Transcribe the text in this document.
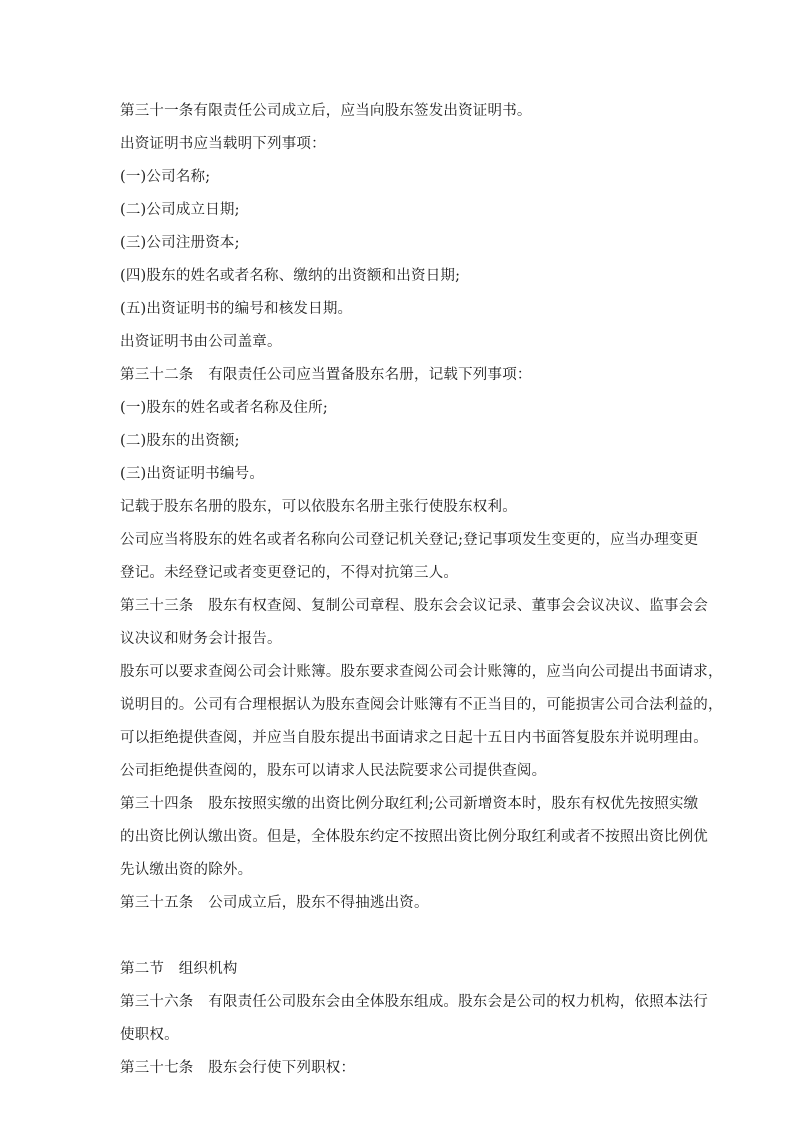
第三十一条有限责任公司成立后，应当向股东签发出资证明书。
出资证明书应当载明下列事项：
(一)公司名称;
(二)公司成立日期;
(三)公司注册资本;
(四)股东的姓名或者名称、缴纳的出资额和出资日期;
(五)出资证明书的编号和核发日期。
出资证明书由公司盖章。
第三十二条　有限责任公司应当置备股东名册，记载下列事项：
(一)股东的姓名或者名称及住所;
(二)股东的出资额;
(三)出资证明书编号。
记载于股东名册的股东，可以依股东名册主张行使股东权利。
公司应当将股东的姓名或者名称向公司登记机关登记;登记事项发生变更的，应当办理变更
登记。未经登记或者变更登记的，不得对抗第三人。
第三十三条　股东有权查阅、复制公司章程、股东会会议记录、董事会会议决议、监事会会
议决议和财务会计报告。
股东可以要求查阅公司会计账簿。股东要求查阅公司会计账簿的，应当向公司提出书面请求，
说明目的。公司有合理根据认为股东查阅会计账簿有不正当目的，可能损害公司合法利益的，
可以拒绝提供查阅，并应当自股东提出书面请求之日起十五日内书面答复股东并说明理由。
公司拒绝提供查阅的，股东可以请求人民法院要求公司提供查阅。
第三十四条　股东按照实缴的出资比例分取红利;公司新增资本时，股东有权优先按照实缴
的出资比例认缴出资。但是，全体股东约定不按照出资比例分取红利或者不按照出资比例优
先认缴出资的除外。
第三十五条　公司成立后，股东不得抽逃出资。
第二节　组织机构
第三十六条　有限责任公司股东会由全体股东组成。股东会是公司的权力机构，依照本法行
使职权。
第三十七条　股东会行使下列职权：
